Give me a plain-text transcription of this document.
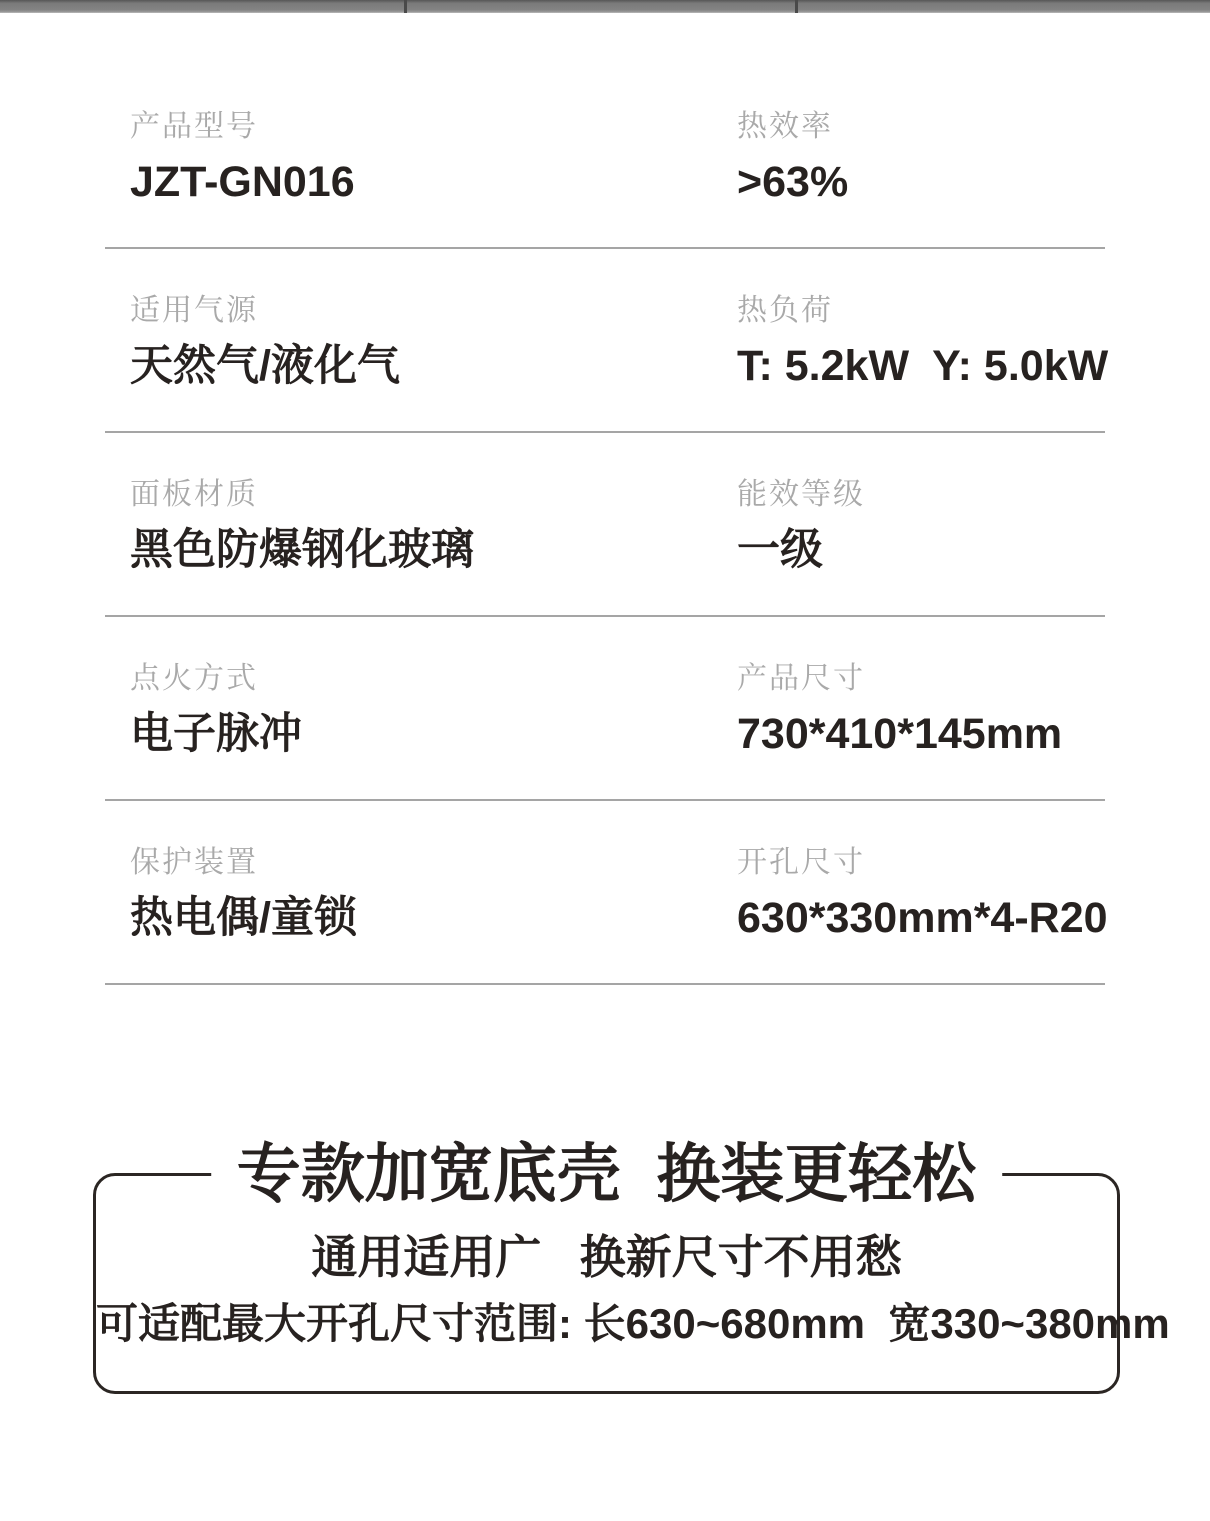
产品型号
JZT-GN016
热效率
>63%
适用气源
天然气/液化气
热负荷
T: 5.2kW  Y: 5.0kW
面板材质
黑色防爆钢化玻璃
能效等级
一级
点火方式
电子脉冲
产品尺寸
730*410*145mm
保护装置
热电偶/童锁
开孔尺寸
630*330mm*4-R20
专款加宽底壳  换装更轻松
通用适用广   换新尺寸不用愁
可适配最大开孔尺寸范围: 长630~680mm  宽330~380mm
